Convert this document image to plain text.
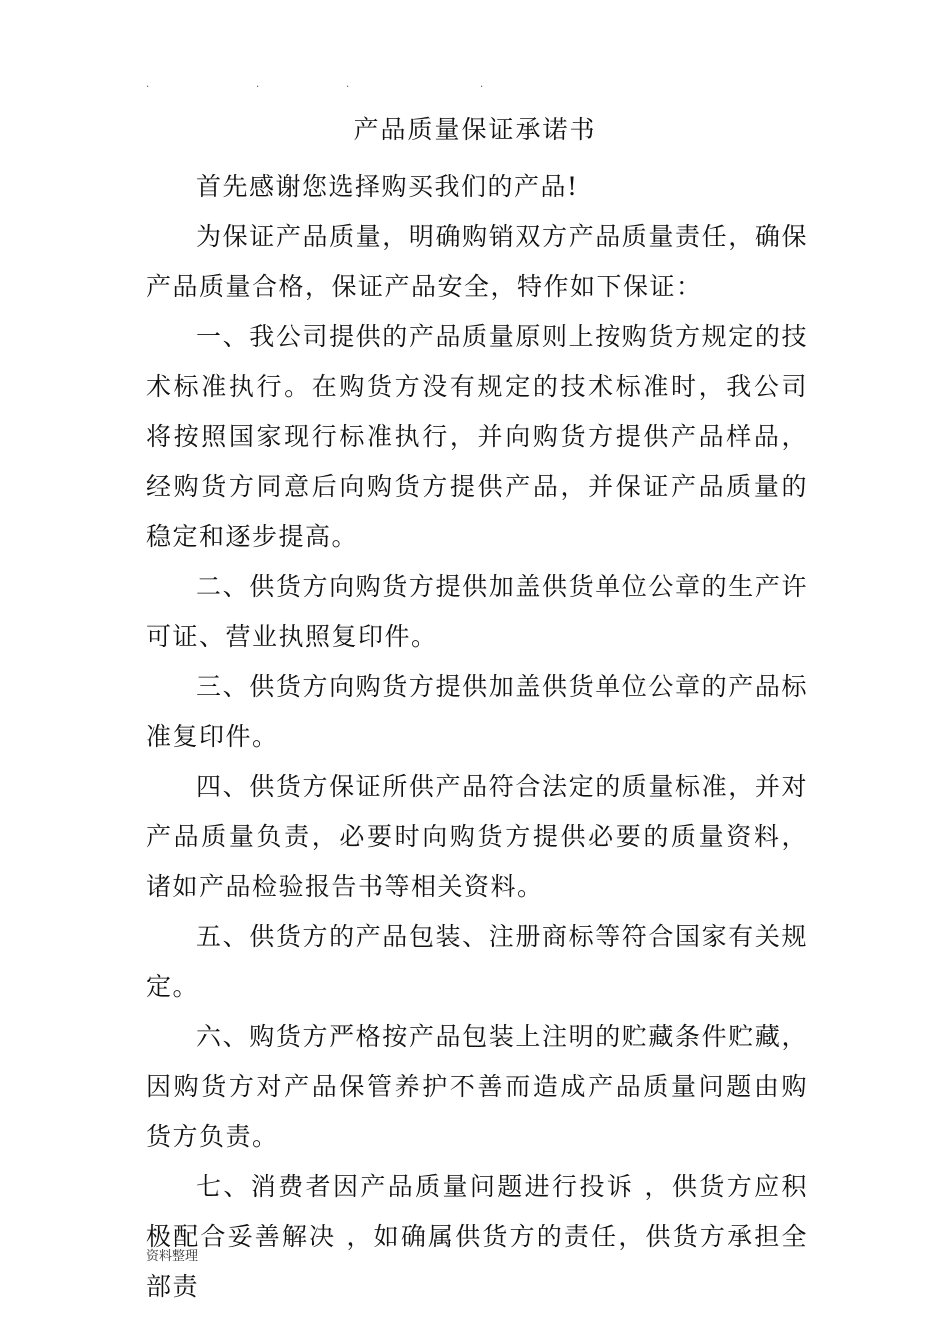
.	.	.	.
产品质量保证承诺书

首先感谢您选择购买我们的产品!

为保证产品质量，明确购销双方产品质量责任，确保产品质量合格，保证产品安全，特作如下保证：

一、我公司提供的产品质量原则上按购货方规定的技术标准执行。在购货方没有规定的技术标准时，我公司将按照国家现行标准执行，并向购货方提供产品样品，经购货方同意后向购货方提供产品，并保证产品质量的稳定和逐步提高。

二、供货方向购货方提供加盖供货单位公章的生产许可证、营业执照复印件。

三、供货方向购货方提供加盖供货单位公章的产品标准复印件。

四、供货方保证所供产品符合法定的质量标准，并对产品质量负责，必要时向购货方提供必要的质量资料，诸如产品检验报告书等相关资料。

五、供货方的产品包装、注册商标等符合国家有关规定。

六、购货方严格按产品包装上注明的贮藏条件贮藏，因购货方对产品保管养护不善而造成产品质量问题由购货方负责。

七、消费者因产品质量问题进行投诉 ，供货方应积极配合妥善解决 ，如确属供货方的责任，供货方承担全部责

资料整理
